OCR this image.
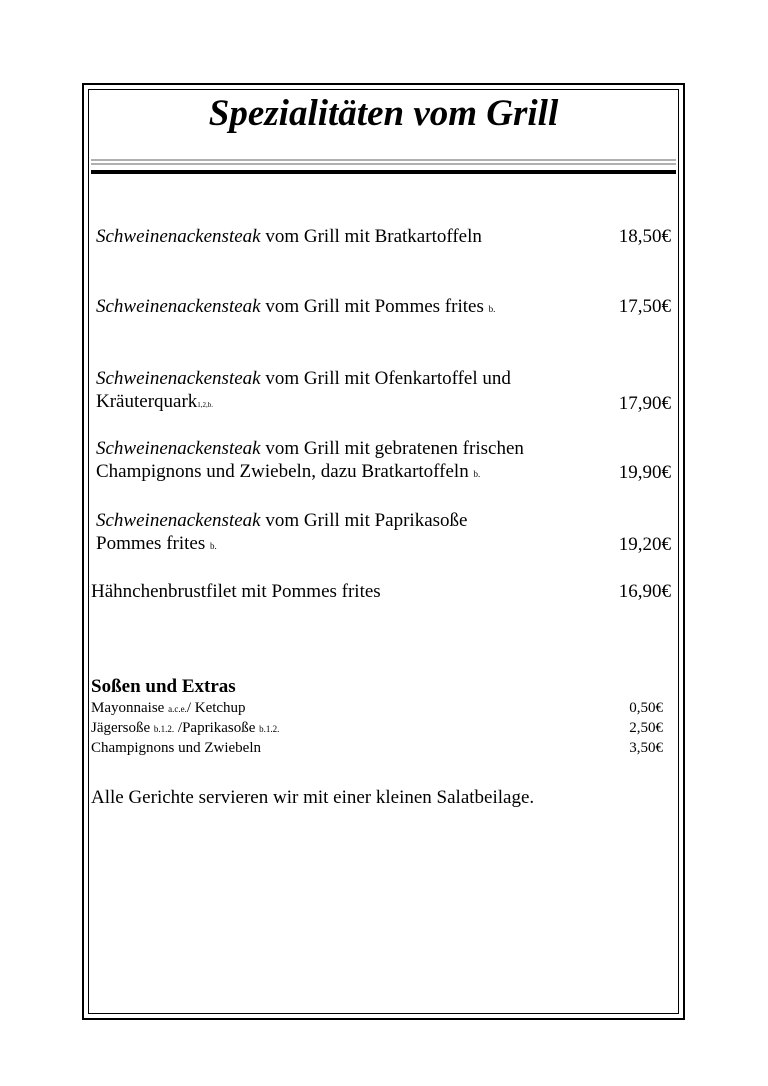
Spezialitäten vom Grill
Schweinenackensteak vom Grill mit Bratkartoffeln	18,50€
Schweinenackensteak vom Grill mit Pommes frites b.	17,50€
Schweinenackensteak vom Grill mit Ofenkartoffel und
Kräuterquark1,2,b.	17,90€
Schweinenackensteak vom Grill mit gebratenen frischen
Champignons und Zwiebeln, dazu Bratkartoffeln b.	19,90€
Schweinenackensteak vom Grill mit Paprikasoße
Pommes frites b.	19,20€
Hähnchenbrustfilet mit Pommes frites	16,90€
Soßen und Extras
Mayonnaise a.c.e./ Ketchup	0,50€
Jägersoße b.1.2. /Paprikasoße b.1.2.	2,50€
Champignons und Zwiebeln	3,50€
Alle Gerichte servieren wir mit einer kleinen Salatbeilage.
